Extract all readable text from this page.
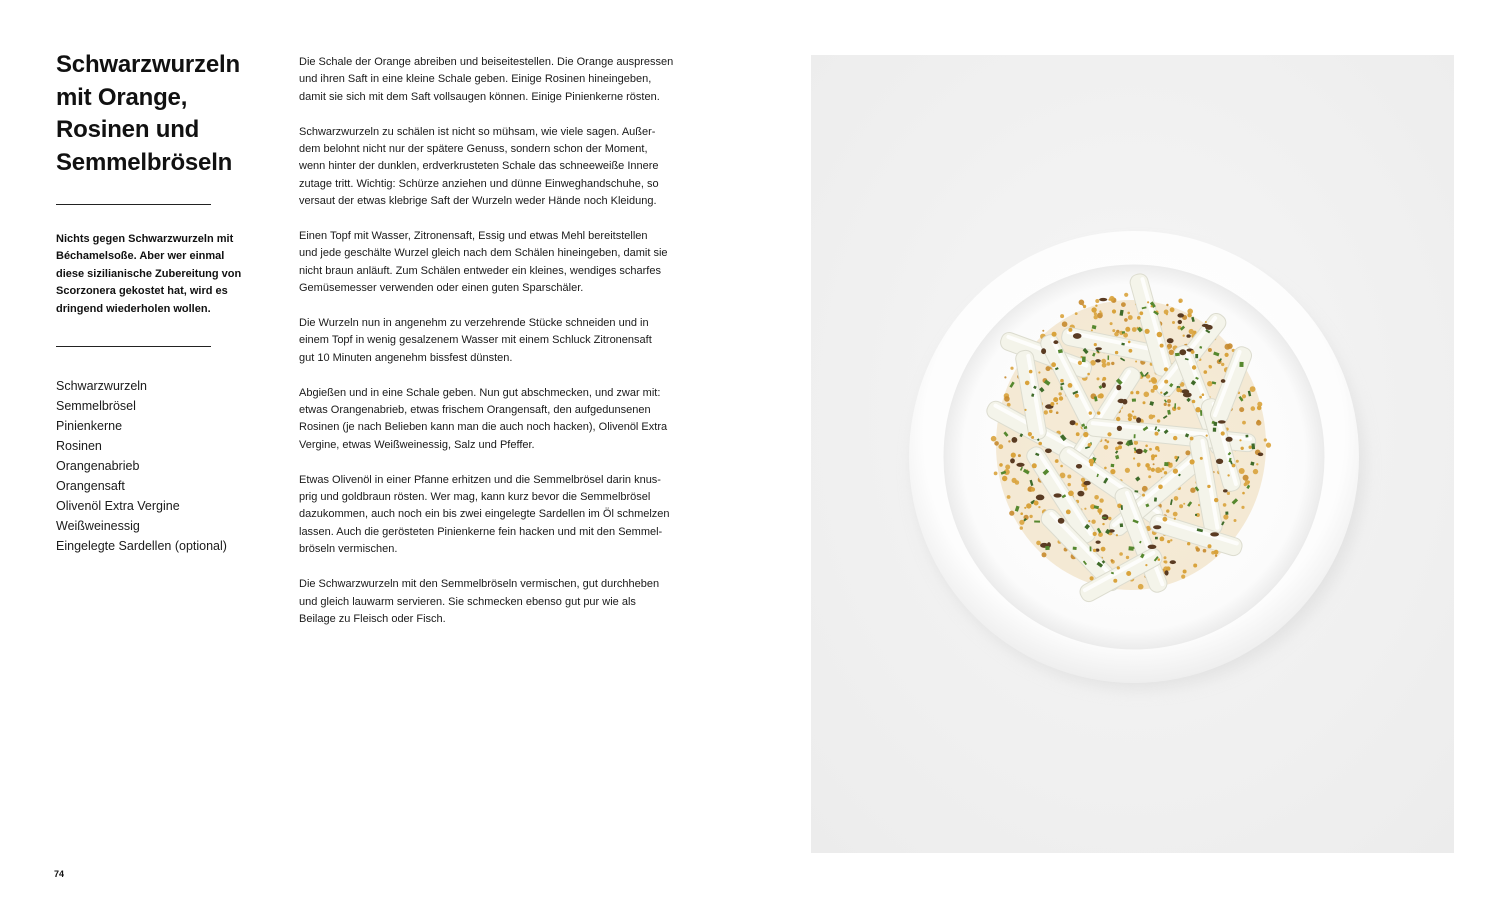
Schwarzwurzeln
mit Orange,
Rosinen und
Semmelbröseln

Nichts gegen Schwarzwurzeln mit
Béchamelsoße. Aber wer einmal
diese sizilianische Zubereitung von
Scorzonera gekostet hat, wird es
dringend wiederholen wollen.

Schwarzwurzeln
Semmelbrösel
Pinienkerne
Rosinen
Orangenabrieb
Orangensaft
Olivenöl Extra Vergine
Weißweinessig
Eingelegte Sardellen (optional)

Die Schale der Orange abreiben und beiseitestellen. Die Orange auspressen
und ihren Saft in eine kleine Schale geben. Einige Rosinen hineingeben,
damit sie sich mit dem Saft vollsaugen können. Einige Pinienkerne rösten.

Schwarzwurzeln zu schälen ist nicht so mühsam, wie viele sagen. Außer-
dem belohnt nicht nur der spätere Genuss, sondern schon der Moment,
wenn hinter der dunklen, erdverkrusteten Schale das schneeweiße Innere
zutage tritt. Wichtig: Schürze anziehen und dünne Einweghandschuhe, so
versaut der etwas klebrige Saft der Wurzeln weder Hände noch Kleidung.

Einen Topf mit Wasser, Zitronensaft, Essig und etwas Mehl bereitstellen
und jede geschälte Wurzel gleich nach dem Schälen hineingeben, damit sie
nicht braun anläuft. Zum Schälen entweder ein kleines, wendiges scharfes
Gemüsemesser verwenden oder einen guten Sparschäler.

Die Wurzeln nun in angenehm zu verzehrende Stücke schneiden und in
einem Topf in wenig gesalzenem Wasser mit einem Schluck Zitronensaft
gut 10 Minuten angenehm bissfest dünsten.

Abgießen und in eine Schale geben. Nun gut abschmecken, und zwar mit:
etwas Orangenabrieb, etwas frischem Orangensaft, den aufgedunsenen
Rosinen (je nach Belieben kann man die auch noch hacken), Olivenöl Extra
Vergine, etwas Weißweinessig, Salz und Pfeffer.

Etwas Olivenöl in einer Pfanne erhitzen und die Semmelbrösel darin knus-
prig und goldbraun rösten. Wer mag, kann kurz bevor die Semmelbrösel
dazukommen, auch noch ein bis zwei eingelegte Sardellen im Öl schmelzen
lassen. Auch die gerösteten Pinienkerne fein hacken und mit den Semmel-
bröseln vermischen.

Die Schwarzwurzeln mit den Semmelbröseln vermischen, gut durchheben
und gleich lauwarm servieren. Sie schmecken ebenso gut pur wie als
Beilage zu Fleisch oder Fisch.

74
